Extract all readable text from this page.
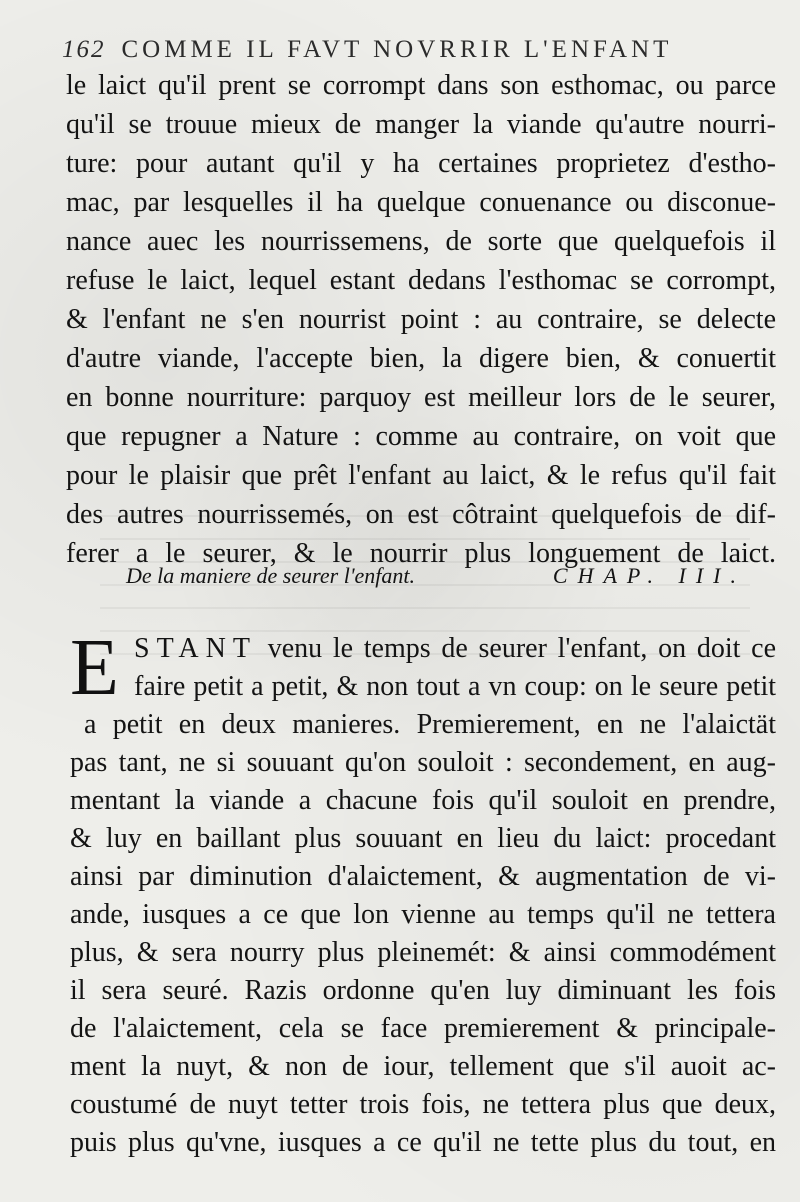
162 COMME IL FAVT NOVRRIR L'ENFANT
le laict qu'il prent se corrompt dans son esthomac, ou parce
qu'il se trouue mieux de manger la viande qu'autre nourri-
ture: pour autant qu'il y ha certaines proprietez d'estho-
mac, par lesquelles il ha quelque conuenance ou disconue-
nance auec les nourrissemens, de sorte que quelquefois il
refuse le laict, lequel estant dedans l'esthomac se corrompt,
& l'enfant ne s'en nourrist point : au contraire, se delecte
d'autre viande, l'accepte bien, la digere bien, & conuertit
en bonne nourriture: parquoy est meilleur lors de le seurer,
que repugner a Nature : comme au contraire, on voit que
pour le plaisir que prêt l'enfant au laict, & le refus qu'il fait
des autres nourrissemés, on est côtraint quelquefois de dif-
ferer a le seurer, & le nourrir plus longuement de laict.
De la maniere de seurer l'enfant.	CHAP. III.
E STANT venu le temps de seurer l'enfant, on doit ce
faire petit a petit, & non tout a vn coup: on le seure petit
a petit en deux manieres. Premierement, en ne l'alaictät
pas tant, ne si souuant qu'on souloit : secondement, en aug-
mentant la viande a chacune fois qu'il souloit en prendre,
& luy en baillant plus souuant en lieu du laict: procedant
ainsi par diminution d'alaictement, & augmentation de vi-
ande, iusques a ce que lon vienne au temps qu'il ne tettera
plus, & sera nourry plus pleinemét: & ainsi commodément
il sera seuré. Razis ordonne qu'en luy diminuant les fois
de l'alaictement, cela se face premierement & principale-
ment la nuyt, & non de iour, tellement que s'il auoit ac-
coustumé de nuyt tetter trois fois, ne tettera plus que deux,
puis plus qu'vne, iusques a ce qu'il ne tette plus du tout, en
